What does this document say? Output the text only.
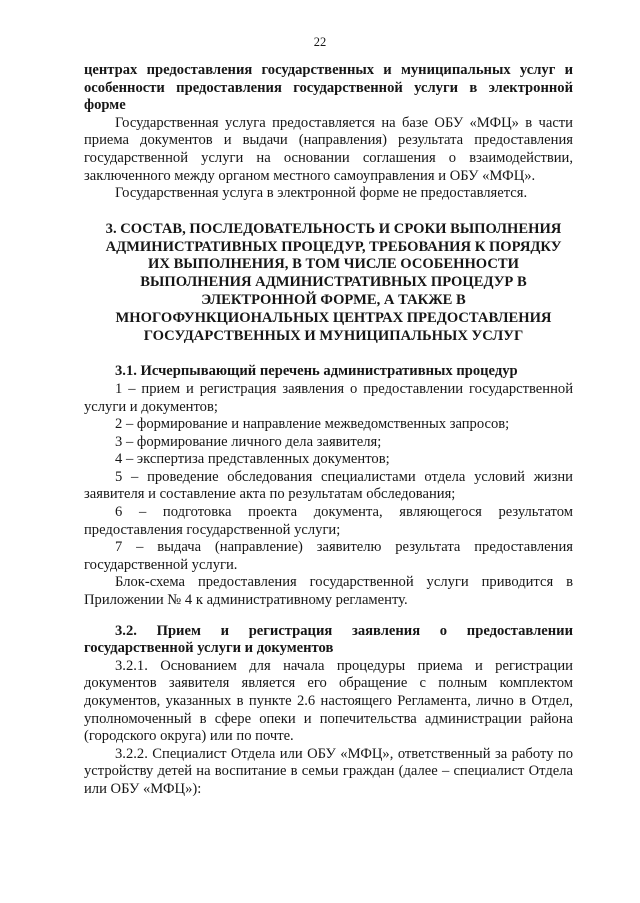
22

центрах предоставления государственных и муниципальных услуг и особенности предоставления государственной услуги в электронной форме

Государственная услуга предоставляется на базе ОБУ «МФЦ» в части приема документов и выдачи (направления) результата предоставления государственной услуги на основании соглашения о взаимодействии, заключенного между органом местного самоуправления и ОБУ «МФЦ».

Государственная услуга в электронной форме не предоставляется.

3. СОСТАВ, ПОСЛЕДОВАТЕЛЬНОСТЬ И СРОКИ ВЫПОЛНЕНИЯ АДМИНИСТРАТИВНЫХ ПРОЦЕДУР, ТРЕБОВАНИЯ К ПОРЯДКУ ИХ ВЫПОЛНЕНИЯ, В ТОМ ЧИСЛЕ ОСОБЕННОСТИ ВЫПОЛНЕНИЯ АДМИНИСТРАТИВНЫХ ПРОЦЕДУР В ЭЛЕКТРОННОЙ ФОРМЕ, А ТАКЖЕ В МНОГОФУНКЦИОНАЛЬНЫХ ЦЕНТРАХ ПРЕДОСТАВЛЕНИЯ ГОСУДАРСТВЕННЫХ И МУНИЦИПАЛЬНЫХ УСЛУГ

3.1. Исчерпывающий перечень административных процедур

1 – прием и регистрация заявления о предоставлении государственной услуги и документов;

2 – формирование и направление межведомственных запросов;

3 – формирование личного дела заявителя;

4 – экспертиза представленных документов;

5 – проведение обследования специалистами отдела условий жизни заявителя и составление акта по результатам обследования;

6 – подготовка проекта документа, являющегося результатом предоставления государственной услуги;

7 – выдача (направление) заявителю результата предоставления государственной услуги.

Блок-схема предоставления государственной услуги приводится в Приложении № 4 к административному регламенту.

3.2. Прием и регистрация заявления о предоставлении государственной услуги и документов

3.2.1. Основанием для начала процедуры приема и регистрации документов заявителя является его обращение с полным комплектом документов, указанных в пункте 2.6 настоящего Регламента, лично в Отдел, уполномоченный в сфере опеки и попечительства администрации района (городского округа) или по почте.

3.2.2. Специалист Отдела или ОБУ «МФЦ», ответственный за работу по устройству детей на воспитание в семьи граждан (далее – специалист Отдела или ОБУ «МФЦ»):
